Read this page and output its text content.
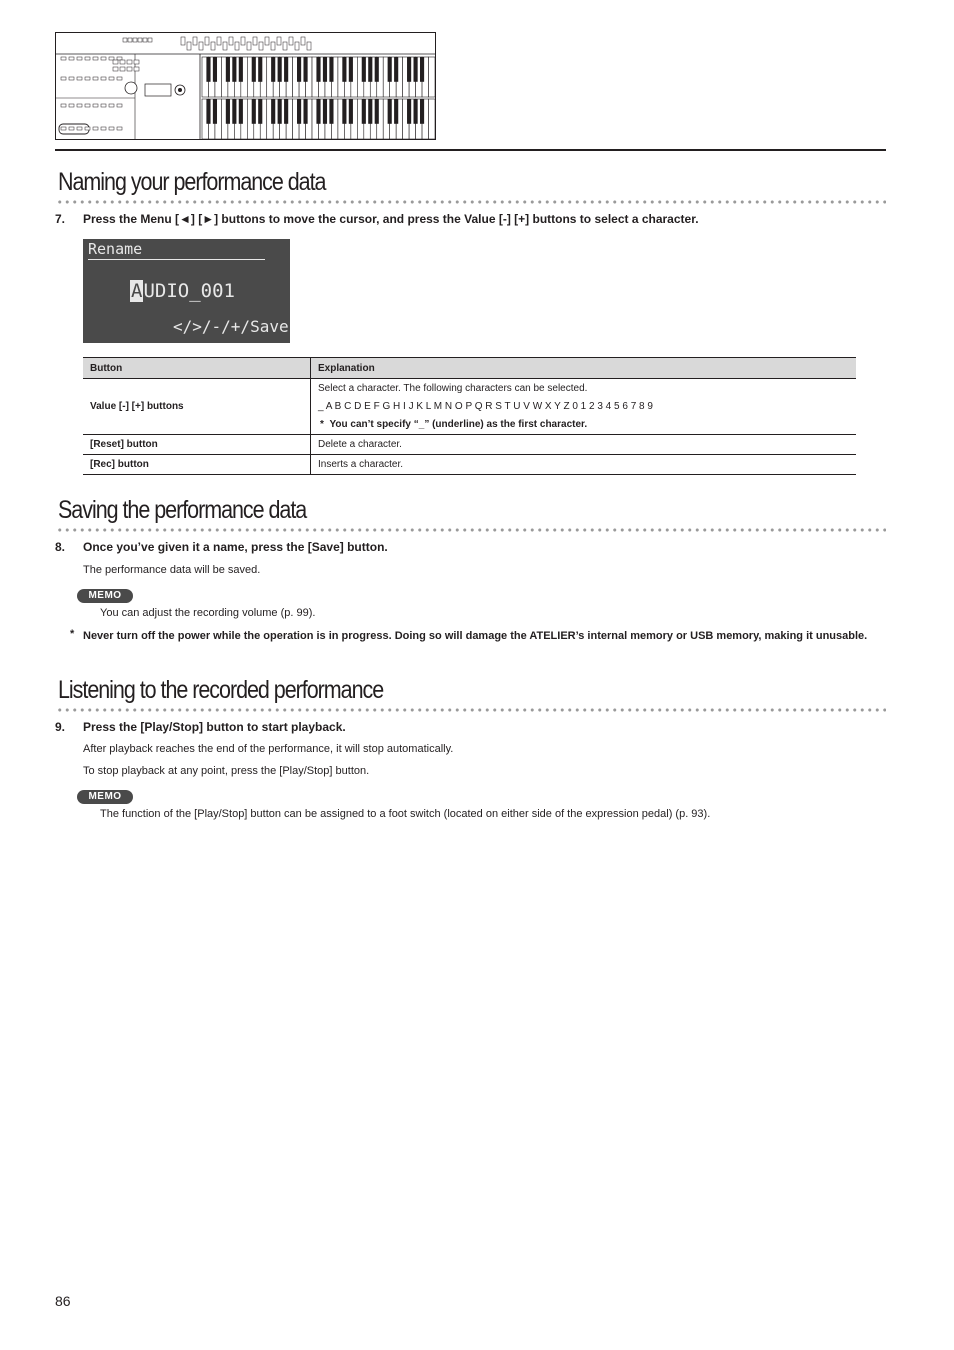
Naming your performance data
7. Press the Menu [◄] [►] buttons to move the cursor, and press the Value [-] [+] buttons to select a character.
Rename
AUDIO_001
</>/-/+/Save
Button	Explanation
Value [-] [+] buttons	Select a character. The following characters can be selected.
_ A B C D E F G H I J K L M N O P Q R S T U V W X Y Z 0 1 2 3 4 5 6 7 8 9
* You can’t specify “_” (underline) as the first character.

[Reset] button	Delete a character.
[Rec] button	Inserts a character.
Saving the performance data
8. Once you’ve given it a name, press the [Save] button.
The performance data will be saved.
MEMO
You can adjust the recording volume (p. 99).
* Never turn off the power while the operation is in progress. Doing so will damage the ATELIER’s internal memory or USB memory, making it unusable.
Listening to the recorded performance
9. Press the [Play/Stop] button to start playback.
After playback reaches the end of the performance, it will stop automatically.
To stop playback at any point, press the [Play/Stop] button.
MEMO
The function of the [Play/Stop] button can be assigned to a foot switch (located on either side of the expression pedal) (p. 93).
86
